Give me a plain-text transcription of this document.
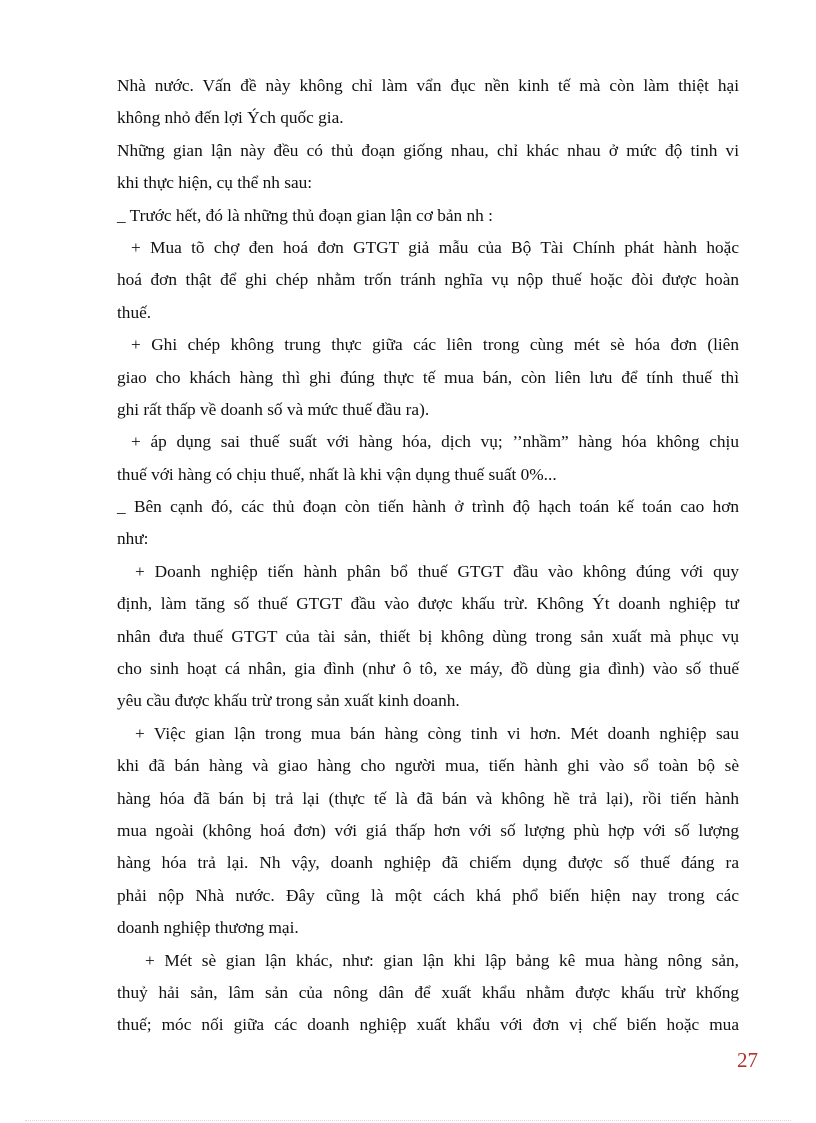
Nhà nước. Vấn đề này không chỉ làm vẩn đục nền kinh tế mà còn làm thiệt hại
không nhỏ đến lợi Ých quốc gia.
Những gian lận này đều có thủ đoạn giống nhau, chỉ khác nhau ở mức độ tinh vi
khi thực hiện, cụ thể nh sau:
_ Trước hết, đó là những thủ đoạn gian lận cơ bản nh :
+ Mua tõ chợ đen hoá đơn GTGT giả mẫu của Bộ Tài Chính phát hành hoặc
hoá đơn thật để ghi chép nhằm trốn tránh nghĩa vụ nộp thuế hoặc đòi được hoàn
thuế.
+ Ghi chép không trung thực giữa các liên trong cùng mét sè hóa đơn (liên
giao cho khách hàng thì ghi đúng thực tế mua bán, còn liên lưu để tính thuế thì
ghi rất thấp về doanh số và mức thuế đầu ra).
+ áp dụng sai thuế suất với hàng hóa, dịch vụ; ’’nhầm” hàng hóa không chịu
thuế với hàng có chịu thuế, nhất là khi vận dụng thuế suất 0%...
_ Bên cạnh đó, các thủ đoạn còn tiến hành ở trình độ hạch toán kế toán cao hơn
như:
+ Doanh nghiệp tiến hành phân bổ thuế GTGT đầu vào không đúng với quy
định, làm tăng số thuế GTGT đầu vào được khấu trừ. Không Ýt doanh nghiệp tư
nhân đưa thuế GTGT của tài sản, thiết bị không dùng trong sản xuất mà phục vụ
cho sinh hoạt cá nhân, gia đình (như ô tô, xe máy, đồ dùng gia đình) vào số thuế
yêu cầu được khấu trừ trong sản xuất kinh doanh.
+ Việc gian lận trong mua bán hàng còng tinh vi hơn. Mét doanh nghiệp sau
khi đã bán hàng và giao hàng cho người mua, tiến hành ghi vào sổ toàn bộ sè
hàng hóa đã bán bị trả lại (thực tế là đã bán và không hề trả lại), rồi tiến hành
mua ngoài (không hoá đơn) với giá thấp hơn với số lượng phù hợp với số lượng
hàng hóa trả lại. Nh vậy, doanh nghiệp đã chiếm dụng được số thuế đáng ra
phải nộp Nhà nước. Đây cũng là một cách khá phổ biến hiện nay trong các
doanh nghiệp thương mại.
+ Mét sè gian lận khác, như: gian lận khi lập bảng kê mua hàng nông sản,
thuỷ hải sản, lâm sản của nông dân để xuất khẩu nhằm được khấu trừ khống
thuế; móc nối giữa các doanh nghiệp xuất khẩu với đơn vị chế biến hoặc mua
27
